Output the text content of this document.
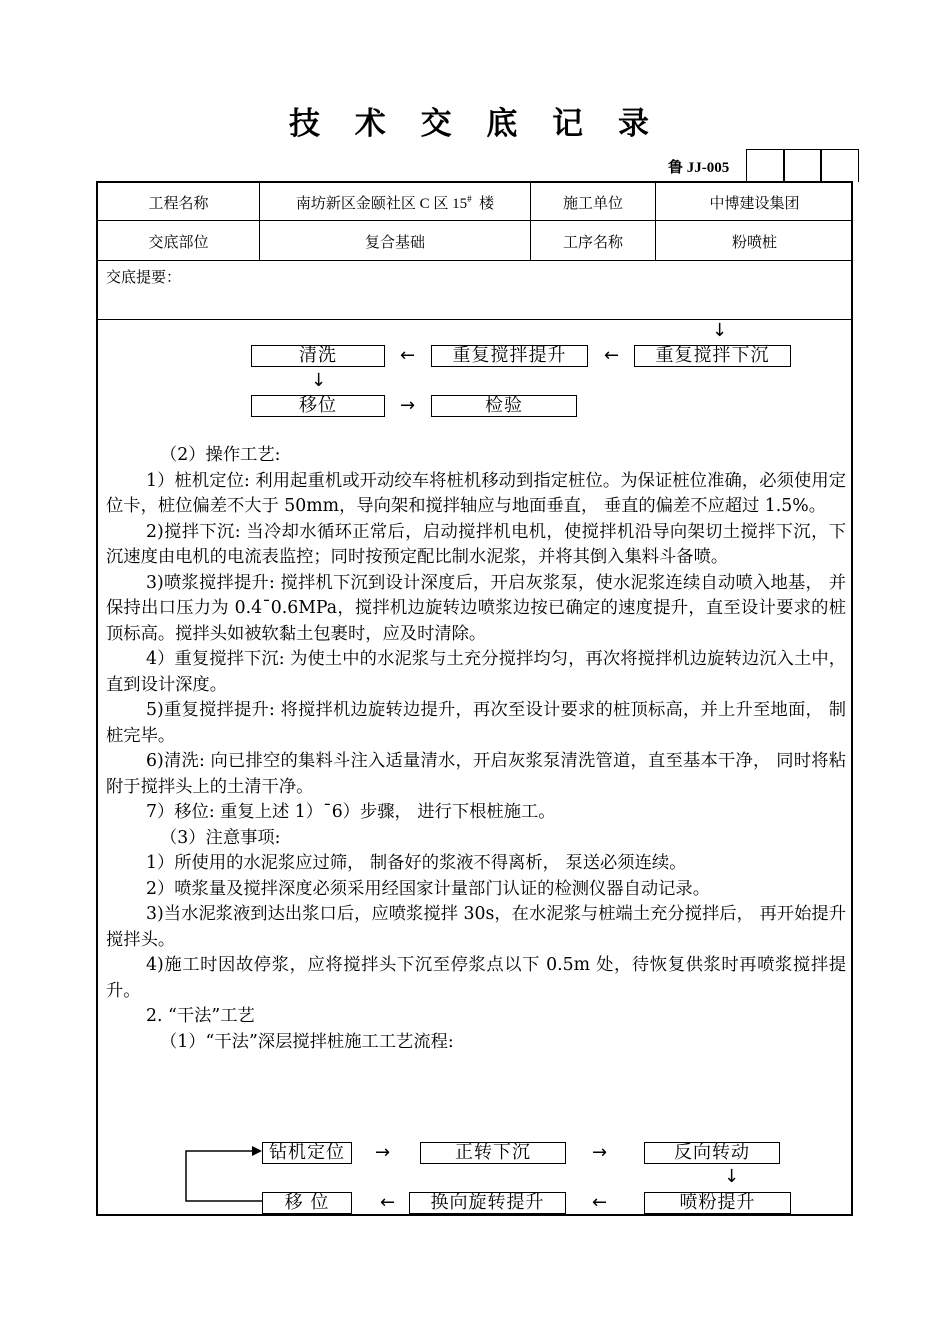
技 术 交 底 记 录
鲁 JJ-005
工程名称	南坊新区金颐社区 C 区 15# 楼	施工单位	中博建设集团
交底部位	复合基础	工序名称	粉喷桩
交底提要：
↓
清洗	←	重复搅拌提升	←	重复搅拌下沉
↓
移位	→	检验

（2）操作工艺:

1）桩机定位: 利用起重机或开动绞车将桩机移动到指定桩位。为保证桩位准确，必须使用定位卡，桩位偏差不大于 50mm，导向架和搅拌轴应与地面垂直， 垂直的偏差不应超过 1.5%。

2)搅拌下沉: 当冷却水循环正常后，启动搅拌机电机，使搅拌机沿导向架切土搅拌下沉，下沉速度由电机的电流表监控；同时按预定配比制水泥浆，并将其倒入集料斗备喷。

3)喷浆搅拌提升: 搅拌机下沉到设计深度后，开启灰浆泵，使水泥浆连续自动喷入地基， 并保持出口压力为 0.4¯0.6MPa，搅拌机边旋转边喷浆边按已确定的速度提升，直至设计要求的桩顶标高。搅拌头如被软黏土包裹时，应及时清除。

4）重复搅拌下沉: 为使土中的水泥浆与土充分搅拌均匀，再次将搅拌机边旋转边沉入土中， 直到设计深度。

5)重复搅拌提升: 将搅拌机边旋转边提升，再次至设计要求的桩顶标高，并上升至地面， 制桩完毕。

6)清洗: 向已排空的集料斗注入适量清水，开启灰浆泵清洗管道，直至基本干净， 同时将粘附于搅拌头上的土清干净。

7）移位: 重复上述 1）¯6）步骤， 进行下根桩施工。

（3）注意事项:

1）所使用的水泥浆应过筛， 制备好的浆液不得离析， 泵送必须连续。

2）喷浆量及搅拌深度必须采用经国家计量部门认证的检测仪器自动记录。

3)当水泥浆液到达出浆口后，应喷浆搅拌 30s，在水泥浆与桩端土充分搅拌后， 再开始提升搅拌头。

4)施工时因故停浆，应将搅拌头下沉至停浆点以下 0.5m 处，待恢复供浆时再喷浆搅拌提升。

2. “干法”工艺

（1）“干法”深层搅拌桩施工工艺流程:

钻机定位	→	正转下沉	→	反向转动
↓
移 位	←	换向旋转提升	←	喷粉提升
